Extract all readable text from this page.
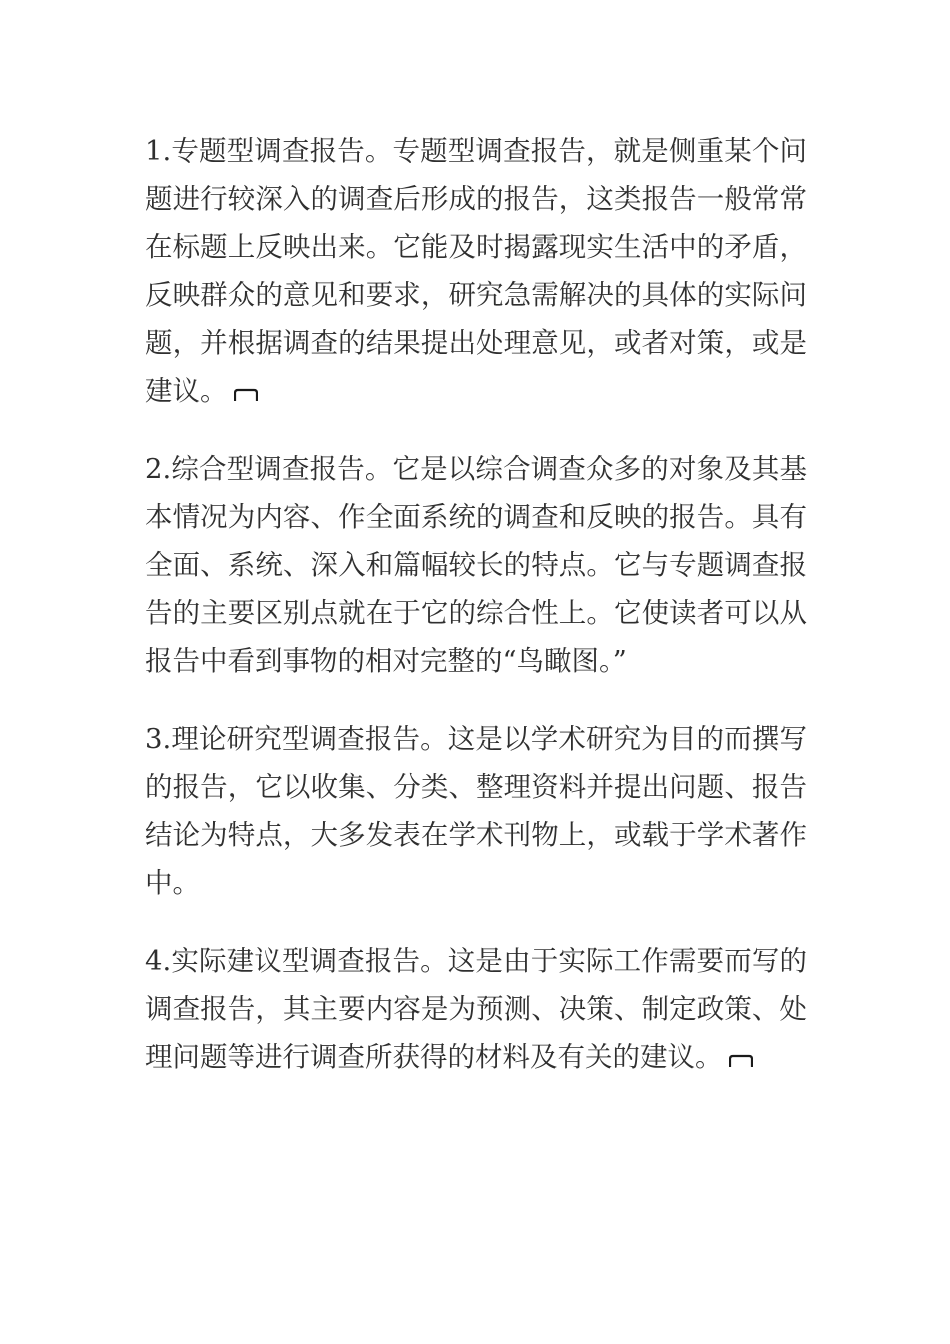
1.专题型调查报告。专题型调查报告，就是侧重某个问题进行较深入的调查后形成的报告，这类报告一般常常在标题上反映出来。它能及时揭露现实生活中的矛盾，反映群众的意见和要求，研究急需解决的具体的实际问题，并根据调查的结果提出处理意见，或者对策，或是建议。

2.综合型调查报告。它是以综合调查众多的对象及其基本情况为内容、作全面系统的调查和反映的报告。具有全面、系统、深入和篇幅较长的特点。它与专题调查报告的主要区别点就在于它的综合性上。它使读者可以从报告中看到事物的相对完整的“鸟瞰图。”

3.理论研究型调查报告。这是以学术研究为目的而撰写的报告，它以收集、分类、整理资料并提出问题、报告结论为特点，大多发表在学术刊物上，或载于学术著作中。

4.实际建议型调查报告。这是由于实际工作需要而写的调查报告，其主要内容是为预测、决策、制定政策、处理问题等进行调查所获得的材料及有关的建议。
